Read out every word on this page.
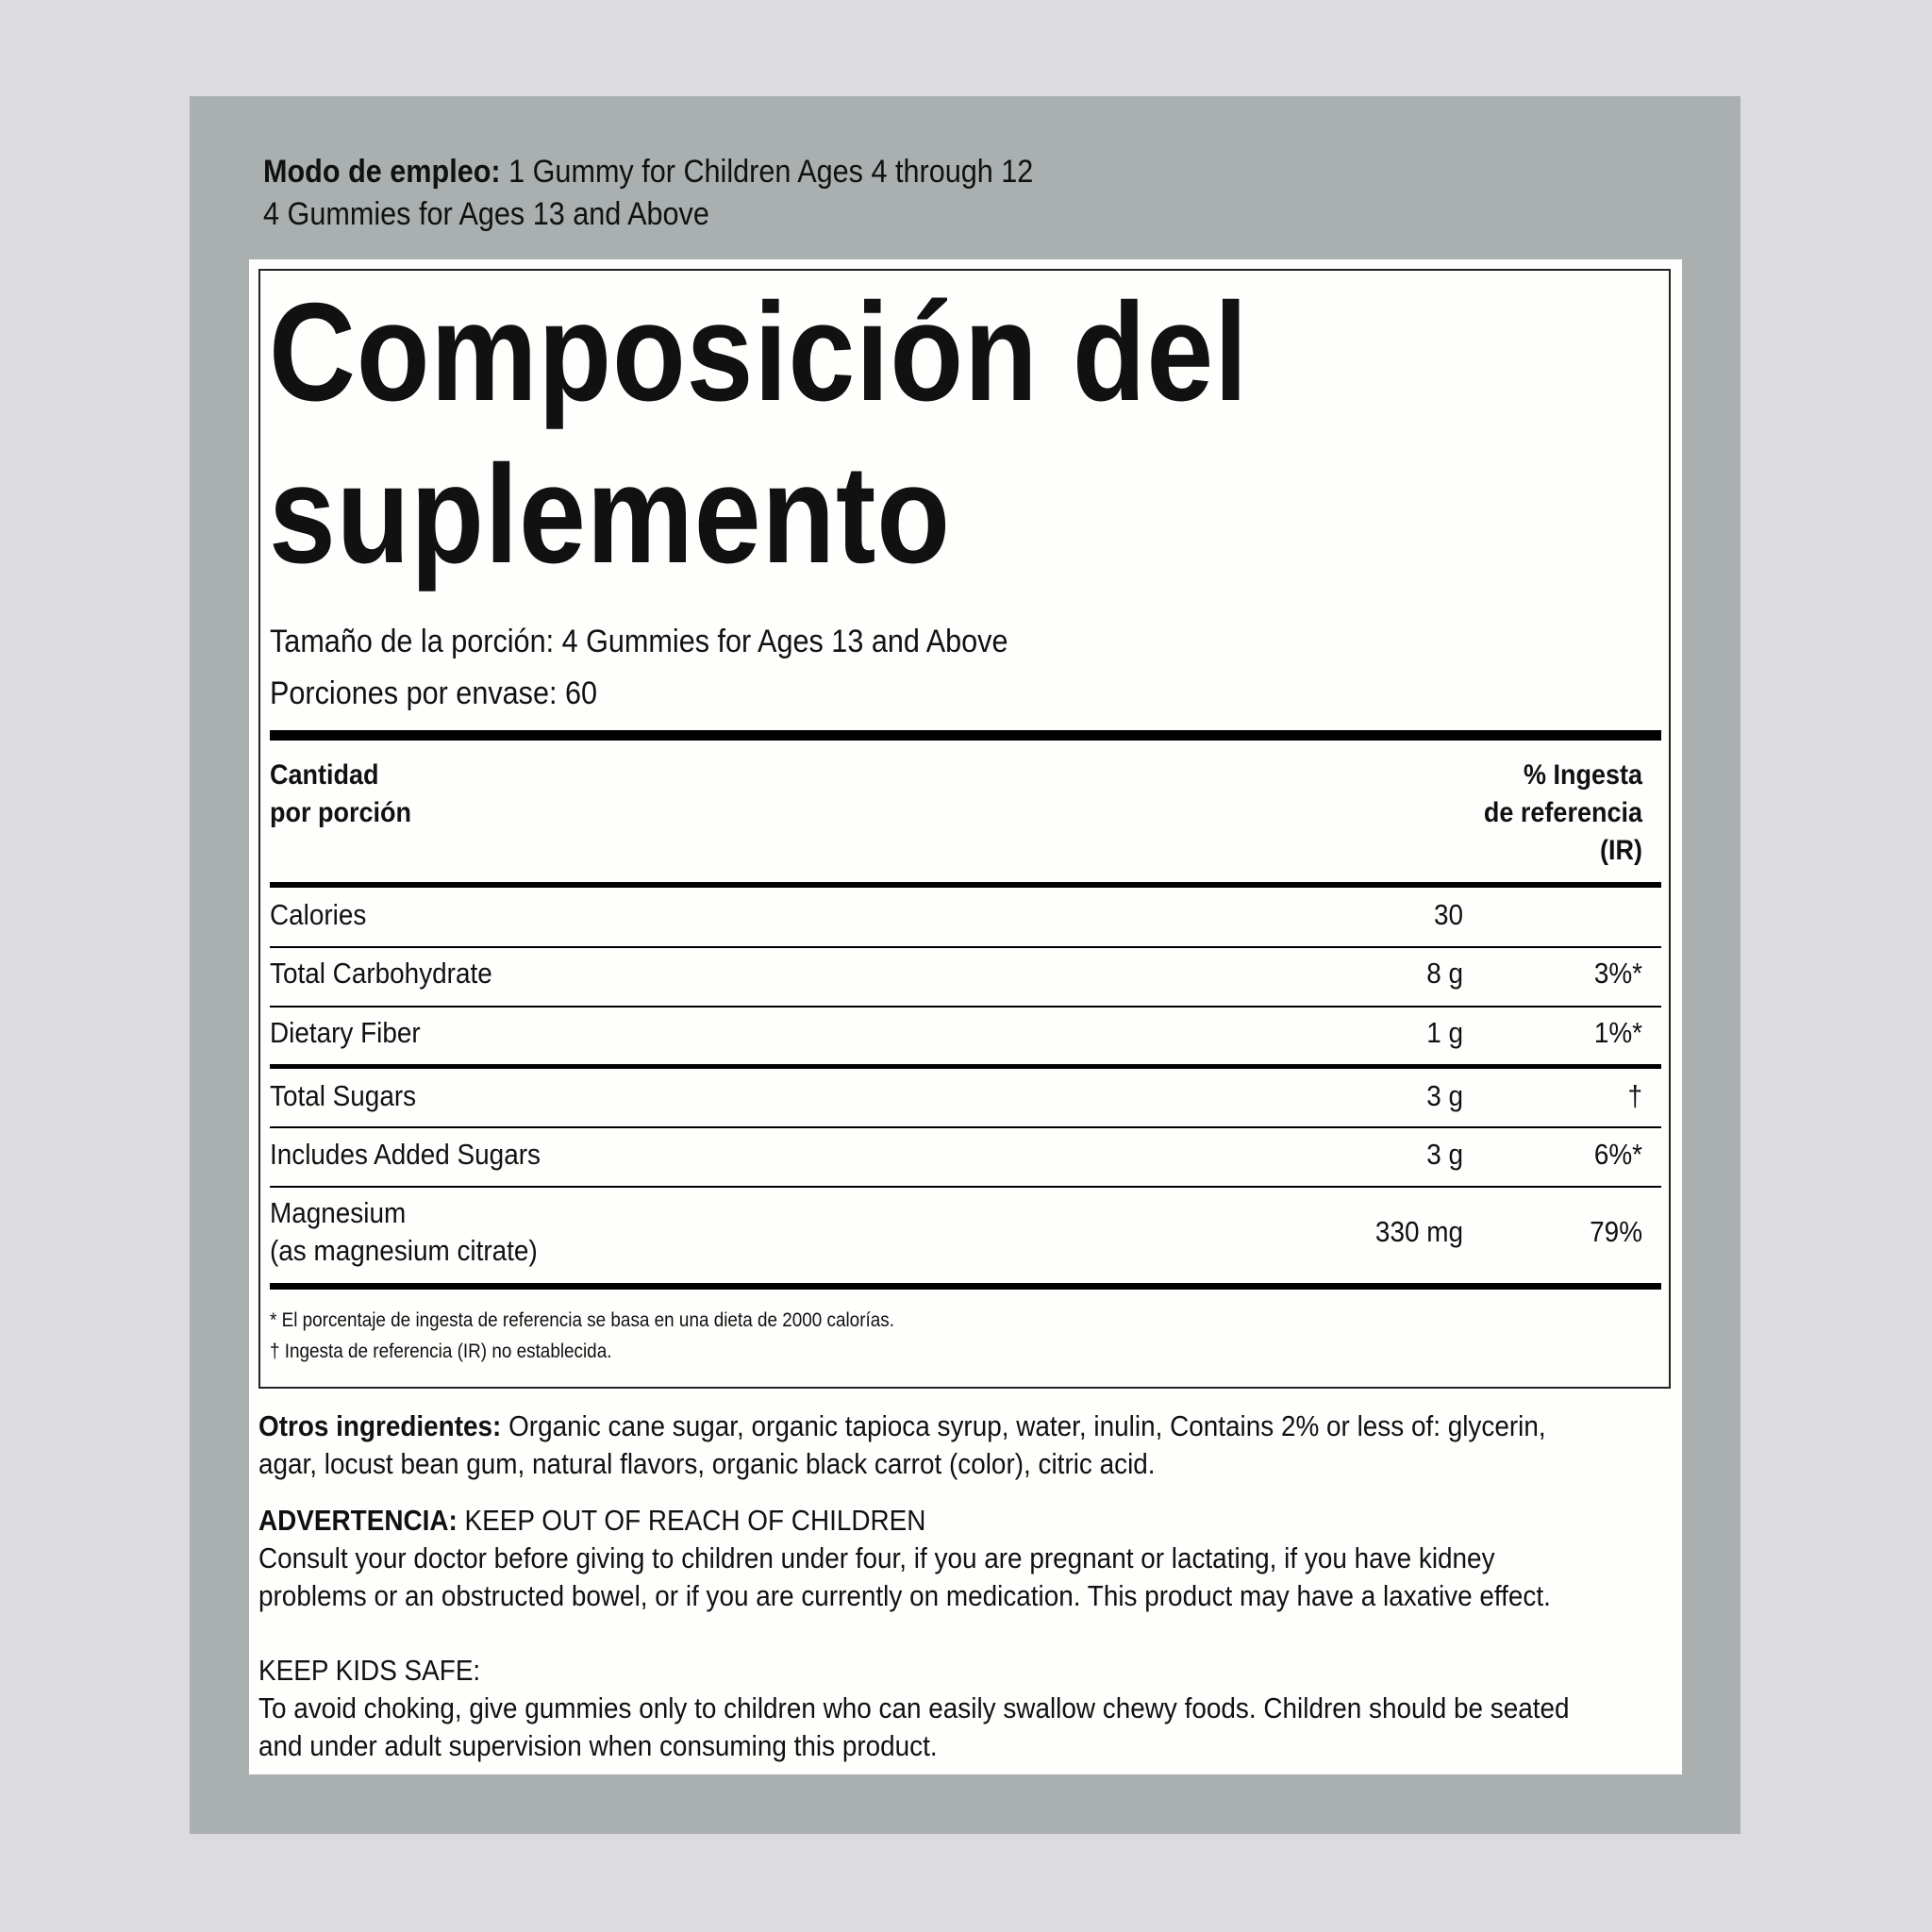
Modo de empleo: 1 Gummy for Children Ages 4 through 12
4 Gummies for Ages 13 and Above
Composición del
suplemento
Tamaño de la porción: 4 Gummies for Ages 13 and Above
Porciones por envase: 60
Cantidad
por porción
% Ingesta
de referencia
(IR)
Calories	30
Total Carbohydrate	8 g	3%*
Dietary Fiber	1 g	1%*
Total Sugars	3 g	†
Includes Added Sugars	3 g	6%*
Magnesium
(as magnesium citrate)
330 mg	79%
* El porcentaje de ingesta de referencia se basa en una dieta de 2000 calorías.
† Ingesta de referencia (IR) no establecida.
Otros ingredientes: Organic cane sugar, organic tapioca syrup, water, inulin, Contains 2% or less of: glycerin, agar, locust bean gum, natural flavors, organic black carrot (color), citric acid.
ADVERTENCIA: KEEP OUT OF REACH OF CHILDREN
Consult your doctor before giving to children under four, if you are pregnant or lactating, if you have kidney problems or an obstructed bowel, or if you are currently on medication. This product may have a laxative effect.
KEEP KIDS SAFE:
To avoid choking, give gummies only to children who can easily swallow chewy foods. Children should be seated and under adult supervision when consuming this product.
